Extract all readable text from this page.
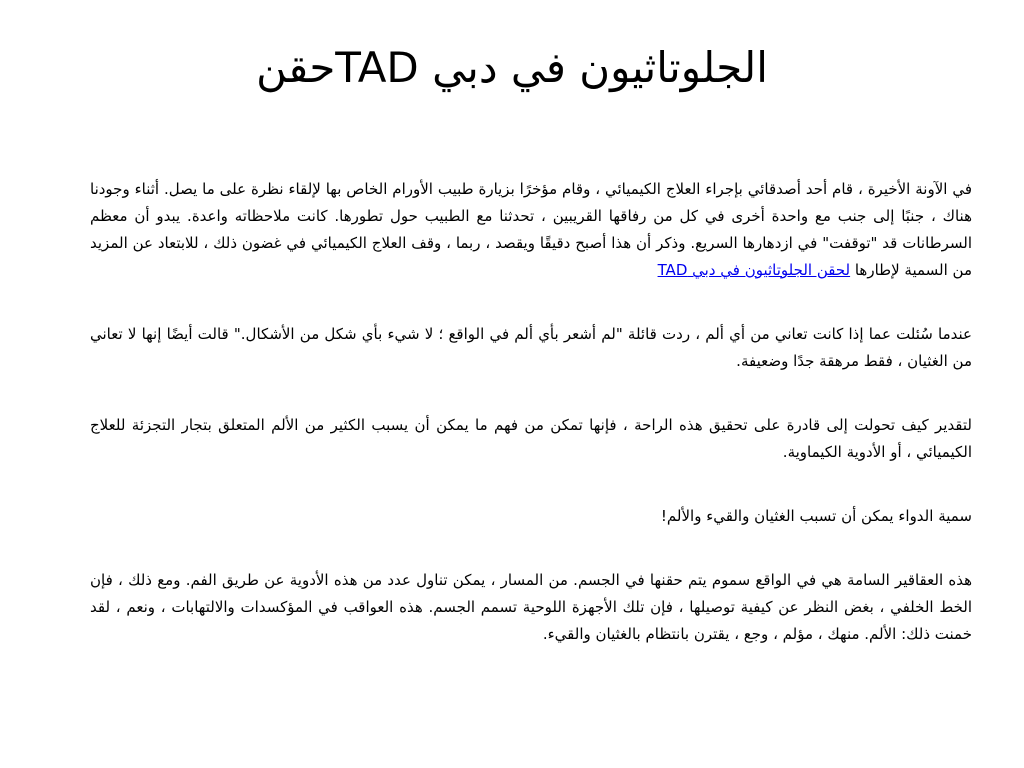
الجلوتاثيون في دبي TADحقن

في الآونة الأخيرة ، قام أحد أصدقائي بإجراء العلاج الكيميائي ، وقام مؤخرًا بزيارة طبيب الأورام الخاص بها لإلقاء نظرة على ما يصل. أثناء وجودنا هناك ، جنبًا إلى جنب مع واحدة أخرى في كل من رفاقها القريبين ، تحدثنا مع الطبيب حول تطورها. كانت ملاحظاته واعدة. يبدو أن معظم السرطانات قد "توقفت" في ازدهارها السريع. وذكر أن هذا أصبح دقيقًا ويقصد ، ربما ، وقف العلاج الكيميائي في غضون ذلك ، للابتعاد عن المزيد من السمية لإطارها لحقن الجلوتاثيون في دبي TAD

عندما سُئلت عما إذا كانت تعاني من أي ألم ، ردت قائلة "لم أشعر بأي ألم في الواقع ؛ لا شيء بأي شكل من الأشكال." قالت أيضًا إنها لا تعاني من الغثيان ، فقط مرهقة جدًا وضعيفة.

لتقدير كيف تحولت إلى قادرة على تحقيق هذه الراحة ، فإنها تمكن من فهم ما يمكن أن يسبب الكثير من الألم المتعلق بتجار التجزئة للعلاج الكيميائي ، أو الأدوية الكيماوية.

سمية الدواء يمكن أن تسبب الغثيان والقيء والألم!

هذه العقاقير السامة هي في الواقع سموم يتم حقنها في الجسم. من المسار ، يمكن تناول عدد من هذه الأدوية عن طريق الفم. ومع ذلك ، فإن الخط الخلفي ، بغض النظر عن كيفية توصيلها ، فإن تلك الأجهزة اللوحية تسمم الجسم. هذه العواقب في المؤكسدات والالتهابات ، ونعم ، لقد خمنت ذلك: الألم. منهك ، مؤلم ، وجع ، يقترن بانتظام بالغثيان والقيء.
